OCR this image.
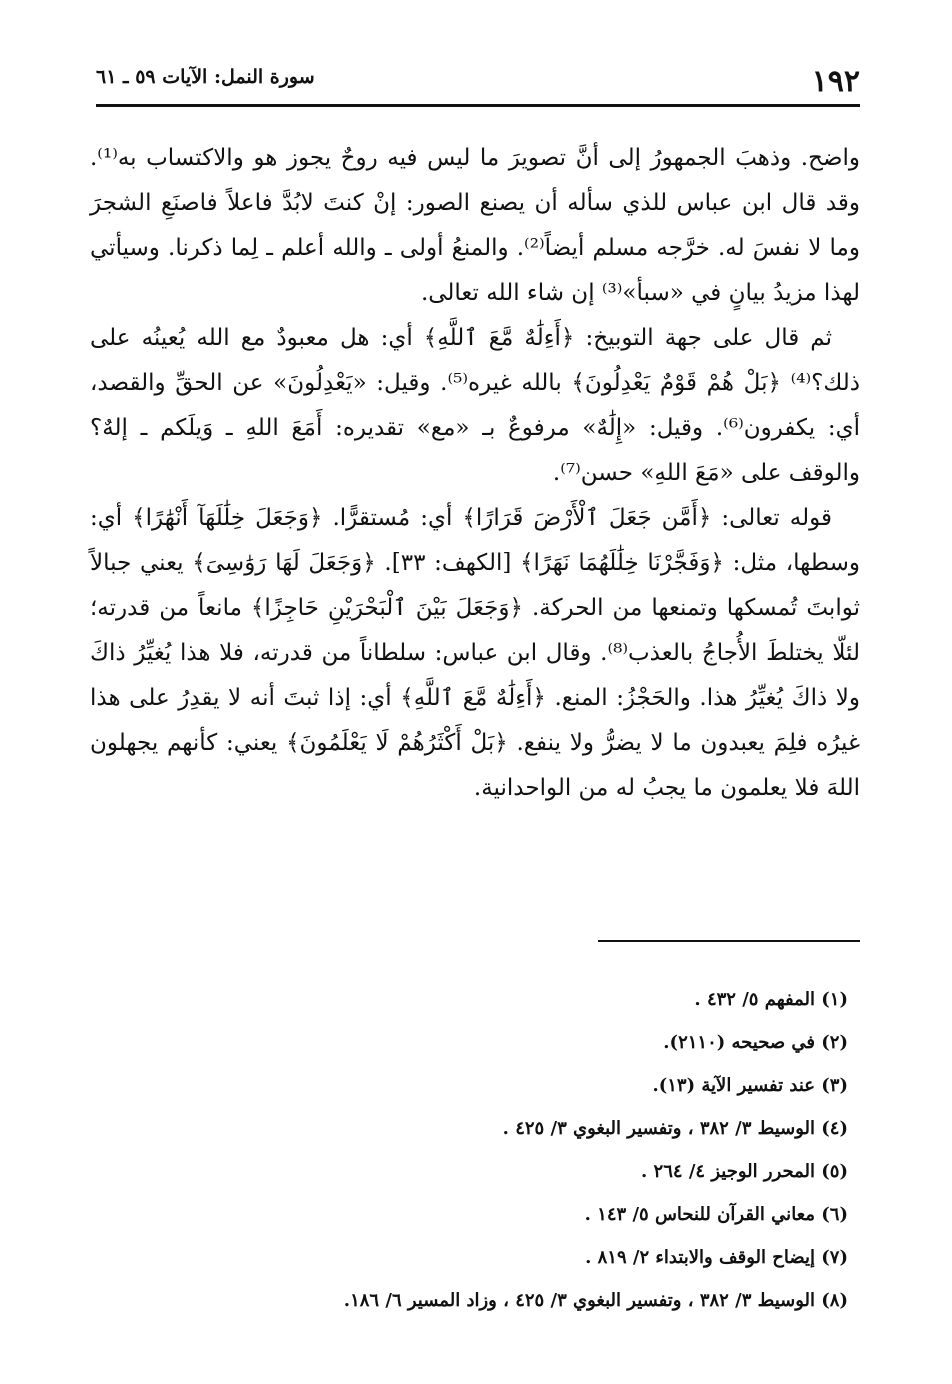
١٩٢
سورة النمل: الآيات ٥٩ ـ ٦١

واضح. وذهبَ الجمهورُ إلى أنَّ تصويرَ ما ليس فيه روحٌ يجوز هو والاكتساب به⁽¹⁾. وقد قال ابن عباس للذي سأله أن يصنع الصور: إنْ كنتَ لابُدَّ فاعلاً فاصنَعِ الشجرَ وما لا نفسَ له. خرَّجه مسلم أيضاً⁽²⁾. والمنعُ أولى ـ والله أعلم ـ لِما ذكرنا. وسيأتي لهذا مزيدُ بيانٍ في «سبأ»⁽³⁾ إن شاء الله تعالى.

ثم قال على جهة التوبيخ: ﴿أَءِلَٰهٌ مَّعَ ٱللَّهِ﴾ أي: هل معبودٌ مع الله يُعينُه على ذلك؟⁽⁴⁾ ﴿بَلْ هُمْ قَوْمٌ يَعْدِلُونَ﴾ بالله غيره⁽⁵⁾. وقيل: «يَعْدِلُونَ» عن الحقِّ والقصد، أي: يكفرون⁽⁶⁾. وقيل: «إِلَٰهٌ» مرفوعٌ بـ «مع» تقديره: أَمَعَ اللهِ ـ وَيلَكم ـ إلهٌ؟ والوقف على «مَعَ اللهِ» حسن⁽⁷⁾.

قوله تعالى: ﴿أَمَّن جَعَلَ ٱلْأَرْضَ قَرَارًا﴾ أي: مُستقرًّا. ﴿وَجَعَلَ خِلَٰلَهَآ أَنْهَٰرًا﴾ أي: وسطها، مثل: ﴿وَفَجَّرْنَا خِلَٰلَهُمَا نَهَرًا﴾ [الكهف: ٣٣]. ﴿وَجَعَلَ لَهَا رَوَٰسِىَ﴾ يعني جبالاً ثوابتَ تُمسكها وتمنعها من الحركة. ﴿وَجَعَلَ بَيْنَ ٱلْبَحْرَيْنِ حَاجِزًا﴾ مانعاً من قدرته؛ لئلّا يختلطَ الأُجاجُ بالعذب⁽⁸⁾. وقال ابن عباس: سلطاناً من قدرته، فلا هذا يُغيِّرُ ذاكَ ولا ذاكَ يُغيِّرُ هذا. والحَجْزُ: المنع. ﴿أَءِلَٰهٌ مَّعَ ٱللَّهِ﴾ أي: إذا ثبتَ أنه لا يقدِرُ على هذا غيرُه فلِمَ يعبدون ما لا يضرُّ ولا ينفع. ﴿بَلْ أَكْثَرُهُمْ لَا يَعْلَمُونَ﴾ يعني: كأنهم يجهلون اللهَ فلا يعلمون ما يجبُ له من الواحدانية.

(١) المفهم ٥/ ٤٣٢ .
(٢) في صحيحه (٢١١٠).
(٣) عند تفسير الآية (١٣).
(٤) الوسيط ٣/ ٣٨٢ ، وتفسير البغوي ٣/ ٤٢٥ .
(٥) المحرر الوجيز ٤/ ٢٦٤ .
(٦) معاني القرآن للنحاس ٥/ ١٤٣ .
(٧) إيضاح الوقف والابتداء ٢/ ٨١٩ .
(٨) الوسيط ٣/ ٣٨٢ ، وتفسير البغوي ٣/ ٤٢٥ ، وزاد المسير ٦/ ١٨٦.
